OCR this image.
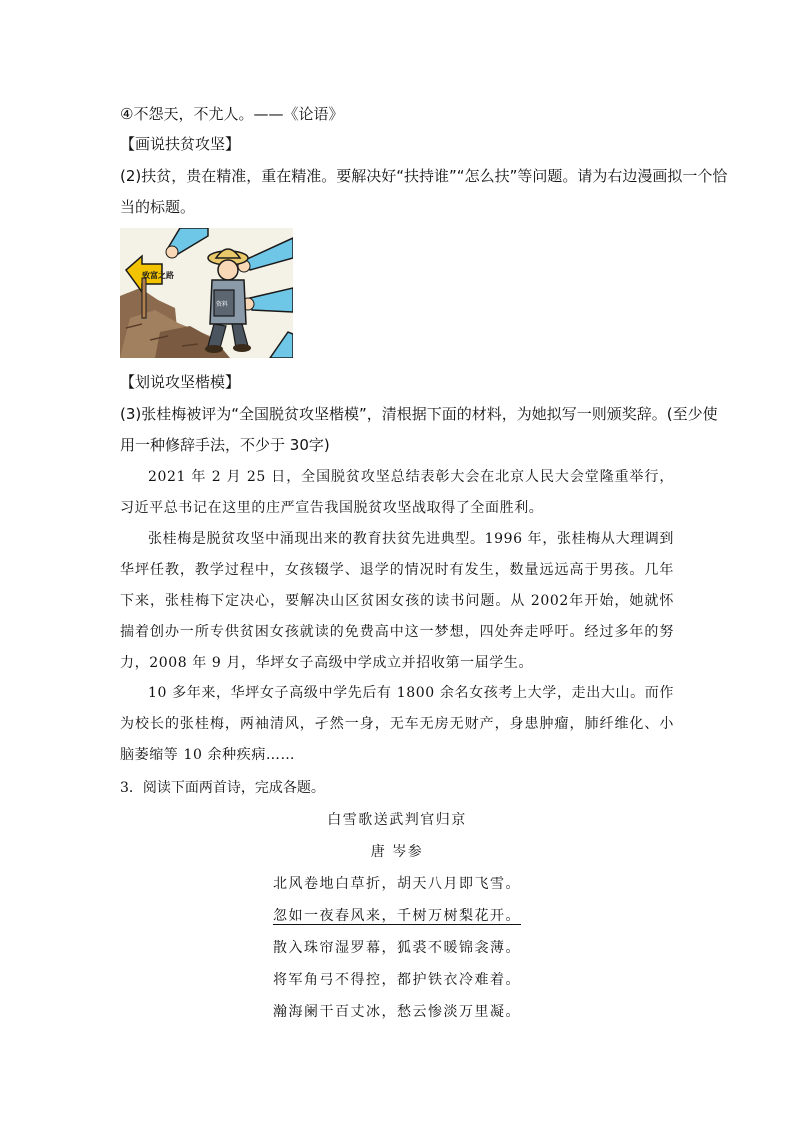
④不怨天，不尤人。——《论语》
【画说扶贫攻坚】
(2)扶贫，贵在精准，重在精准。要解决好“扶持谁”“怎么扶”等问题。请为右边漫画拟一个恰
当的标题。
致富之路
资料
【划说攻坚楷模】
(3)张桂梅被评为“全国脱贫攻坚楷模”，清根据下面的材料，为她拟写一则颁奖辞。(至少使
用一种修辞手法，不少于 30字)
2021 年 2 月 25 日，全国脱贫攻坚总结表彰大会在北京人民大会堂隆重举行，习近平总书记在这里的庄严宣告我国脱贫攻坚战取得了全面胜利。
张桂梅是脱贫攻坚中涌现出来的教育扶贫先进典型。1996 年，张桂梅从大理调到华坪任教，教学过程中，女孩辍学、退学的情况时有发生，数量远远高于男孩。几年下来，张桂梅下定决心，要解决山区贫困女孩的读书问题。从 2002年开始，她就怀揣着创办一所专供贫困女孩就读的免费高中这一梦想，四处奔走呼吁。经过多年的努力，2008 年 9 月，华坪女子高级中学成立并招收第一届学生。
10 多年来，华坪女子高级中学先后有 1800 余名女孩考上大学，走出大山。而作为校长的张桂梅，两袖清风，孑然一身，无车无房无财产，身患肿瘤，肺纤维化、小脑萎缩等 10 余种疾病……
3．阅读下面两首诗，完成各题。
白雪歌送武判官归京
唐 岑参
北风卷地白草折，胡天八月即飞雪。
忽如一夜春风来，千树万树梨花开。
散入珠帘湿罗幕，狐裘不暖锦衾薄。
将军角弓不得控，都护铁衣冷难着。
瀚海阑干百丈冰，愁云惨淡万里凝。
